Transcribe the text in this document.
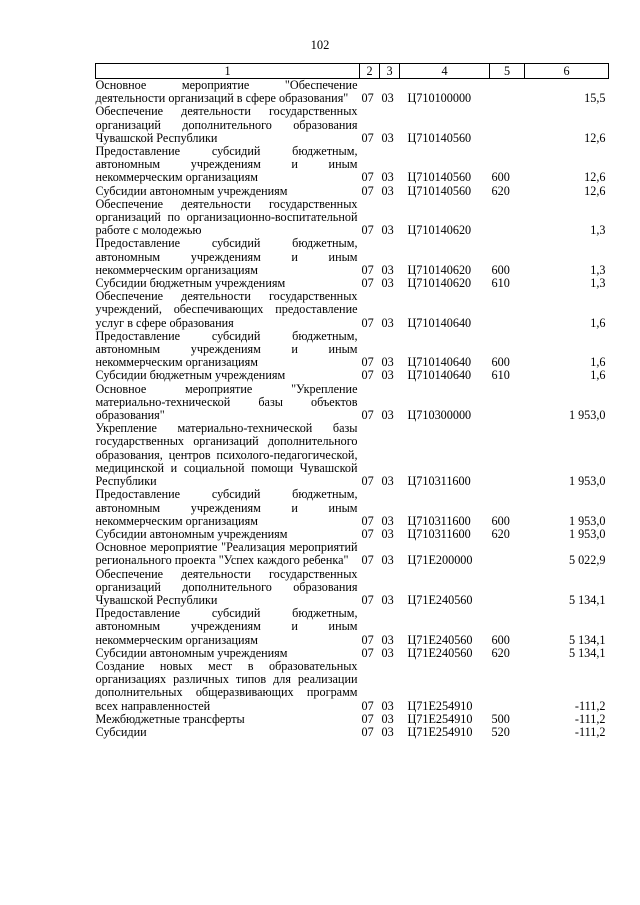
102
1	2	3	4	5	6
Основное мероприятие "Обеспечение деятельности организаций в сфере образования"	07	03	Ц710100000		15,5
Обеспечение деятельности государственных организаций дополнительного образования Чувашской Республики	07	03	Ц710140560		12,6
Предоставление субсидий бюджетным, автономным учреждениям и иным некоммерческим организациям	07	03	Ц710140560	600	12,6
Субсидии автономным учреждениям	07	03	Ц710140560	620	12,6
Обеспечение деятельности государственных организаций по организационно-воспитательной работе с молодежью	07	03	Ц710140620		1,3
Предоставление субсидий бюджетным, автономным учреждениям и иным некоммерческим организациям	07	03	Ц710140620	600	1,3
Субсидии бюджетным учреждениям	07	03	Ц710140620	610	1,3
Обеспечение деятельности государственных учреждений, обеспечивающих предоставление услуг в сфере образования	07	03	Ц710140640		1,6
Предоставление субсидий бюджетным, автономным учреждениям и иным некоммерческим организациям	07	03	Ц710140640	600	1,6
Субсидии бюджетным учреждениям	07	03	Ц710140640	610	1,6
Основное мероприятие "Укрепление материально-технической базы объектов образования"	07	03	Ц710300000		1 953,0
Укрепление материально-технической базы государственных организаций дополнительного образования, центров психолого-педагогической, медицинской и социальной помощи Чувашской Республики	07	03	Ц710311600		1 953,0
Предоставление субсидий бюджетным, автономным учреждениям и иным некоммерческим организациям	07	03	Ц710311600	600	1 953,0
Субсидии автономным учреждениям	07	03	Ц710311600	620	1 953,0
Основное мероприятие "Реализация мероприятий регионального проекта "Успех каждого ребенка"	07	03	Ц71Е200000		5 022,9
Обеспечение деятельности государственных организаций дополнительного образования Чувашской Республики	07	03	Ц71Е240560		5 134,1
Предоставление субсидий бюджетным, автономным учреждениям и иным некоммерческим организациям	07	03	Ц71Е240560	600	5 134,1
Субсидии автономным учреждениям	07	03	Ц71Е240560	620	5 134,1
Создание новых мест в образовательных организациях различных типов для реализации дополнительных общеразвивающих программ всех направленностей	07	03	Ц71Е254910		-111,2
Межбюджетные трансферты	07	03	Ц71Е254910	500	-111,2
Субсидии	07	03	Ц71Е254910	520	-111,2
